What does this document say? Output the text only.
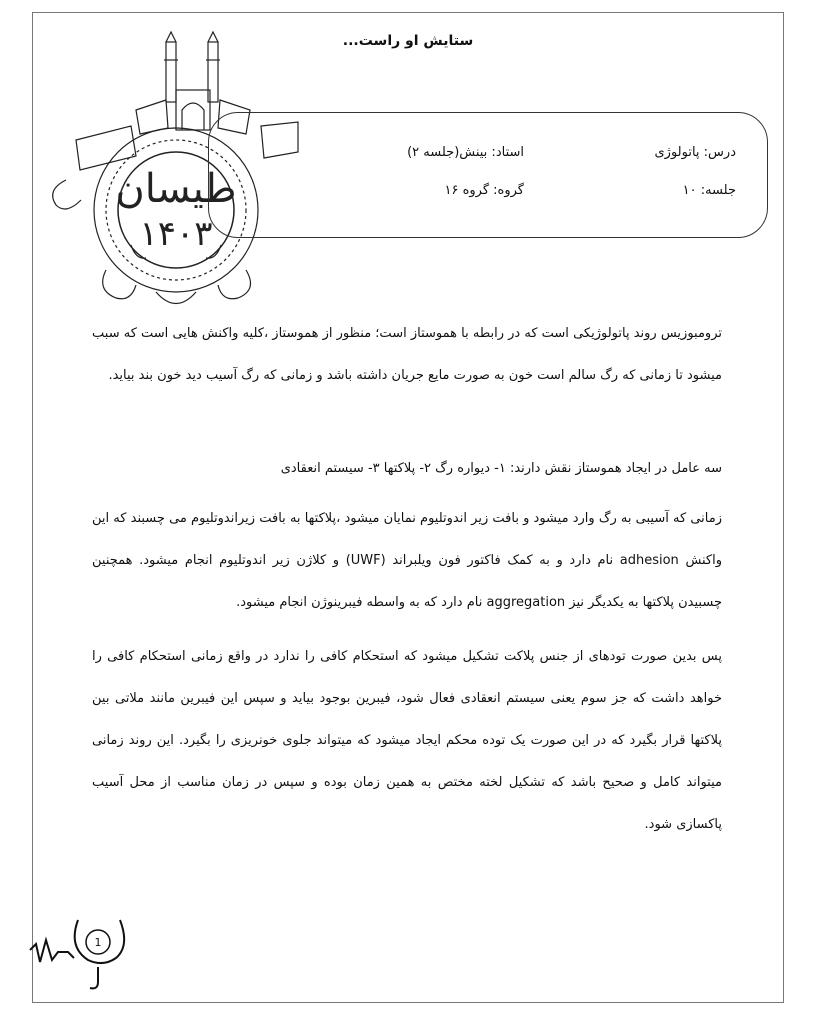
ستایش او راست...
طیسان
۱۴۰۳
درس: پاتولوژی
استاد: بینش(جلسه ۲)
جلسه: ۱۰
گروه: گروه ۱۶

ترومبوزیس روند پاتولوژیکی است که در رابطه با هموستاز است؛ منظور از هموستاز ،کلیه واکنش هایی است که سبب میشود تا زمانی که رگ سالم است خون به صورت مایع جریان داشته باشد و زمانی که رگ آسیب دید خون بند بیاید.

سه عامل در ایجاد هموستاز نقش دارند: ۱- دیواره رگ ۲- پلاکتها ۳- سیستم انعقادی

زمانی که آسیبی به رگ وارد میشود و بافت زیر اندوتلیوم نمایان میشود ،پلاکتها به بافت زیراندوتلیوم می چسبند که این واکنش adhesion نام دارد و به کمک فاکتور فون ویلبراند (UWF) و کلاژن زیر اندوتلیوم انجام میشود. همچنین چسبیدن پلاکتها به یکدیگر نیز aggregation نام دارد که به واسطه فیبرینوژن انجام میشود.

پس بدین صورت تودهای از جنس پلاکت تشکیل میشود که استحکام کافی را ندارد در واقع زمانی استحکام کافی را خواهد داشت که جز سوم یعنی سیستم انعقادی فعال شود، فیبرین بوجود بیاید و سپس این فیبرین مانند ملاتی بین پلاکتها قرار بگیرد که در این صورت یک توده محکم ایجاد میشود که میتواند جلوی خونریزی را بگیرد. این روند زمانی میتواند کامل و صحیح باشد که تشکیل لخته مختص به همین زمان بوده و سپس در زمان مناسب از محل آسیب پاکسازی شود.

1
